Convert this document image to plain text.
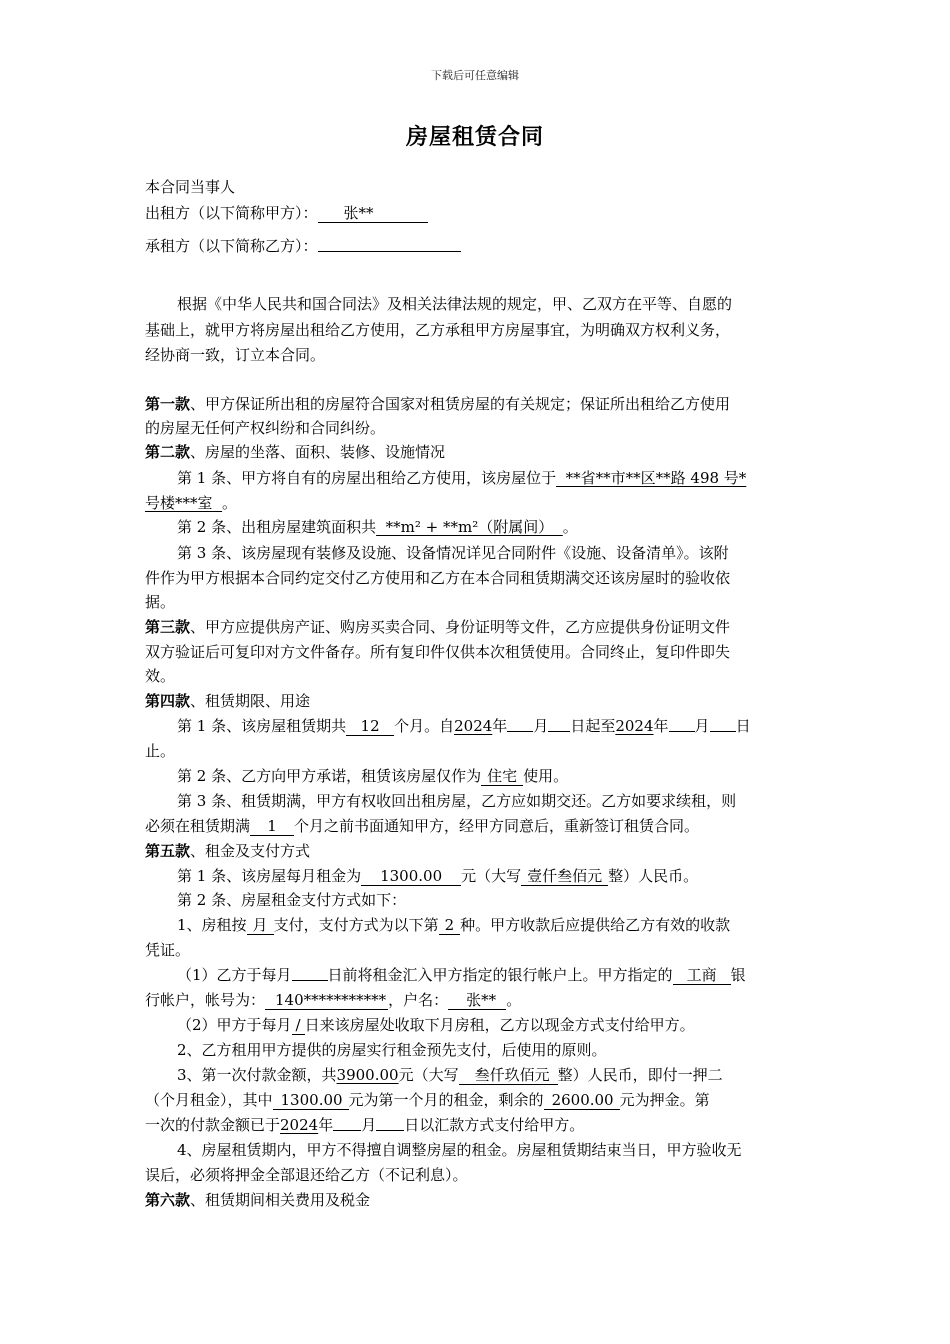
下载后可任意编辑
房屋租赁合同
本合同当事人
出租方（以下简称甲方）： 张**
承租方（以下简称乙方）：
根据《中华人民共和国合同法》及相关法律法规的规定，甲、乙双方在平等、自愿的
基础上，就甲方将房屋出租给乙方使用，乙方承租甲方房屋事宜，为明确双方权利义务，
经协商一致，订立本合同。
第一款、甲方保证所出租的房屋符合国家对租赁房屋的有关规定；保证所出租给乙方使用
的房屋无任何产权纠纷和合同纠纷。
第二款、房屋的坐落、面积、装修、设施情况
第 1 条、甲方将自有的房屋出租给乙方使用，该房屋位于  **省**市**区**路 498 号*
号楼***室  。
第 2 条、出租房屋建筑面积共  **m² + **m²（附属间）  。
第 3 条、该房屋现有装修及设施、设备情况详见合同附件《设施、设备清单》。该附
件作为甲方根据本合同约定交付乙方使用和乙方在本合同租赁期满交还该房屋时的验收依
据。
第三款、甲方应提供房产证、购房买卖合同、身份证明等文件，乙方应提供身份证明文件
双方验证后可复印对方文件备存。所有复印件仅供本次租赁使用。合同终止，复印件即失
效。
第四款、租赁期限、用途
第 1 条、该房屋租赁期共 12 个月。自2024年 月 日起至2024年 月 日
止。
第 2 条、乙方向甲方承诺，租赁该房屋仅作为 住宅 使用。
第 3 条、租赁期满，甲方有权收回出租房屋，乙方应如期交还。乙方如要求续租，则
必须在租赁期满 1 个月之前书面通知甲方，经甲方同意后，重新签订租赁合同。
第五款、租金及支付方式
第 1 条、该房屋每月租金为 1300.00 元（大写 壹仟叁佰元 整）人民币。
第 2 条、房屋租金支付方式如下：
1、房租按 月 支付，支付方式为以下第 2 种。甲方收款后应提供给乙方有效的收款
凭证。
（1）乙方于每月 日前将租金汇入甲方指定的银行帐户上。甲方指定的 工商 银
行帐户，帐号为： 140*********** ，户名： 张** 。
（2）甲方于每月 / 日来该房屋处收取下月房租，乙方以现金方式支付给甲方。
2、乙方租用甲方提供的房屋实行租金预先支付，后使用的原则。
3、第一次付款金额，共3900.00元（大写 叁仟玖佰元 整）人民币，即付一押二
（个月租金），其中 1300.00 元为第一个月的租金，剩余的 2600.00 元为押金。第
一次的付款金额已于2024年 月 日以汇款方式支付给甲方。
4、房屋租赁期内，甲方不得擅自调整房屋的租金。房屋租赁期结束当日，甲方验收无
误后，必须将押金全部退还给乙方（不记利息）。
第六款、租赁期间相关费用及税金
